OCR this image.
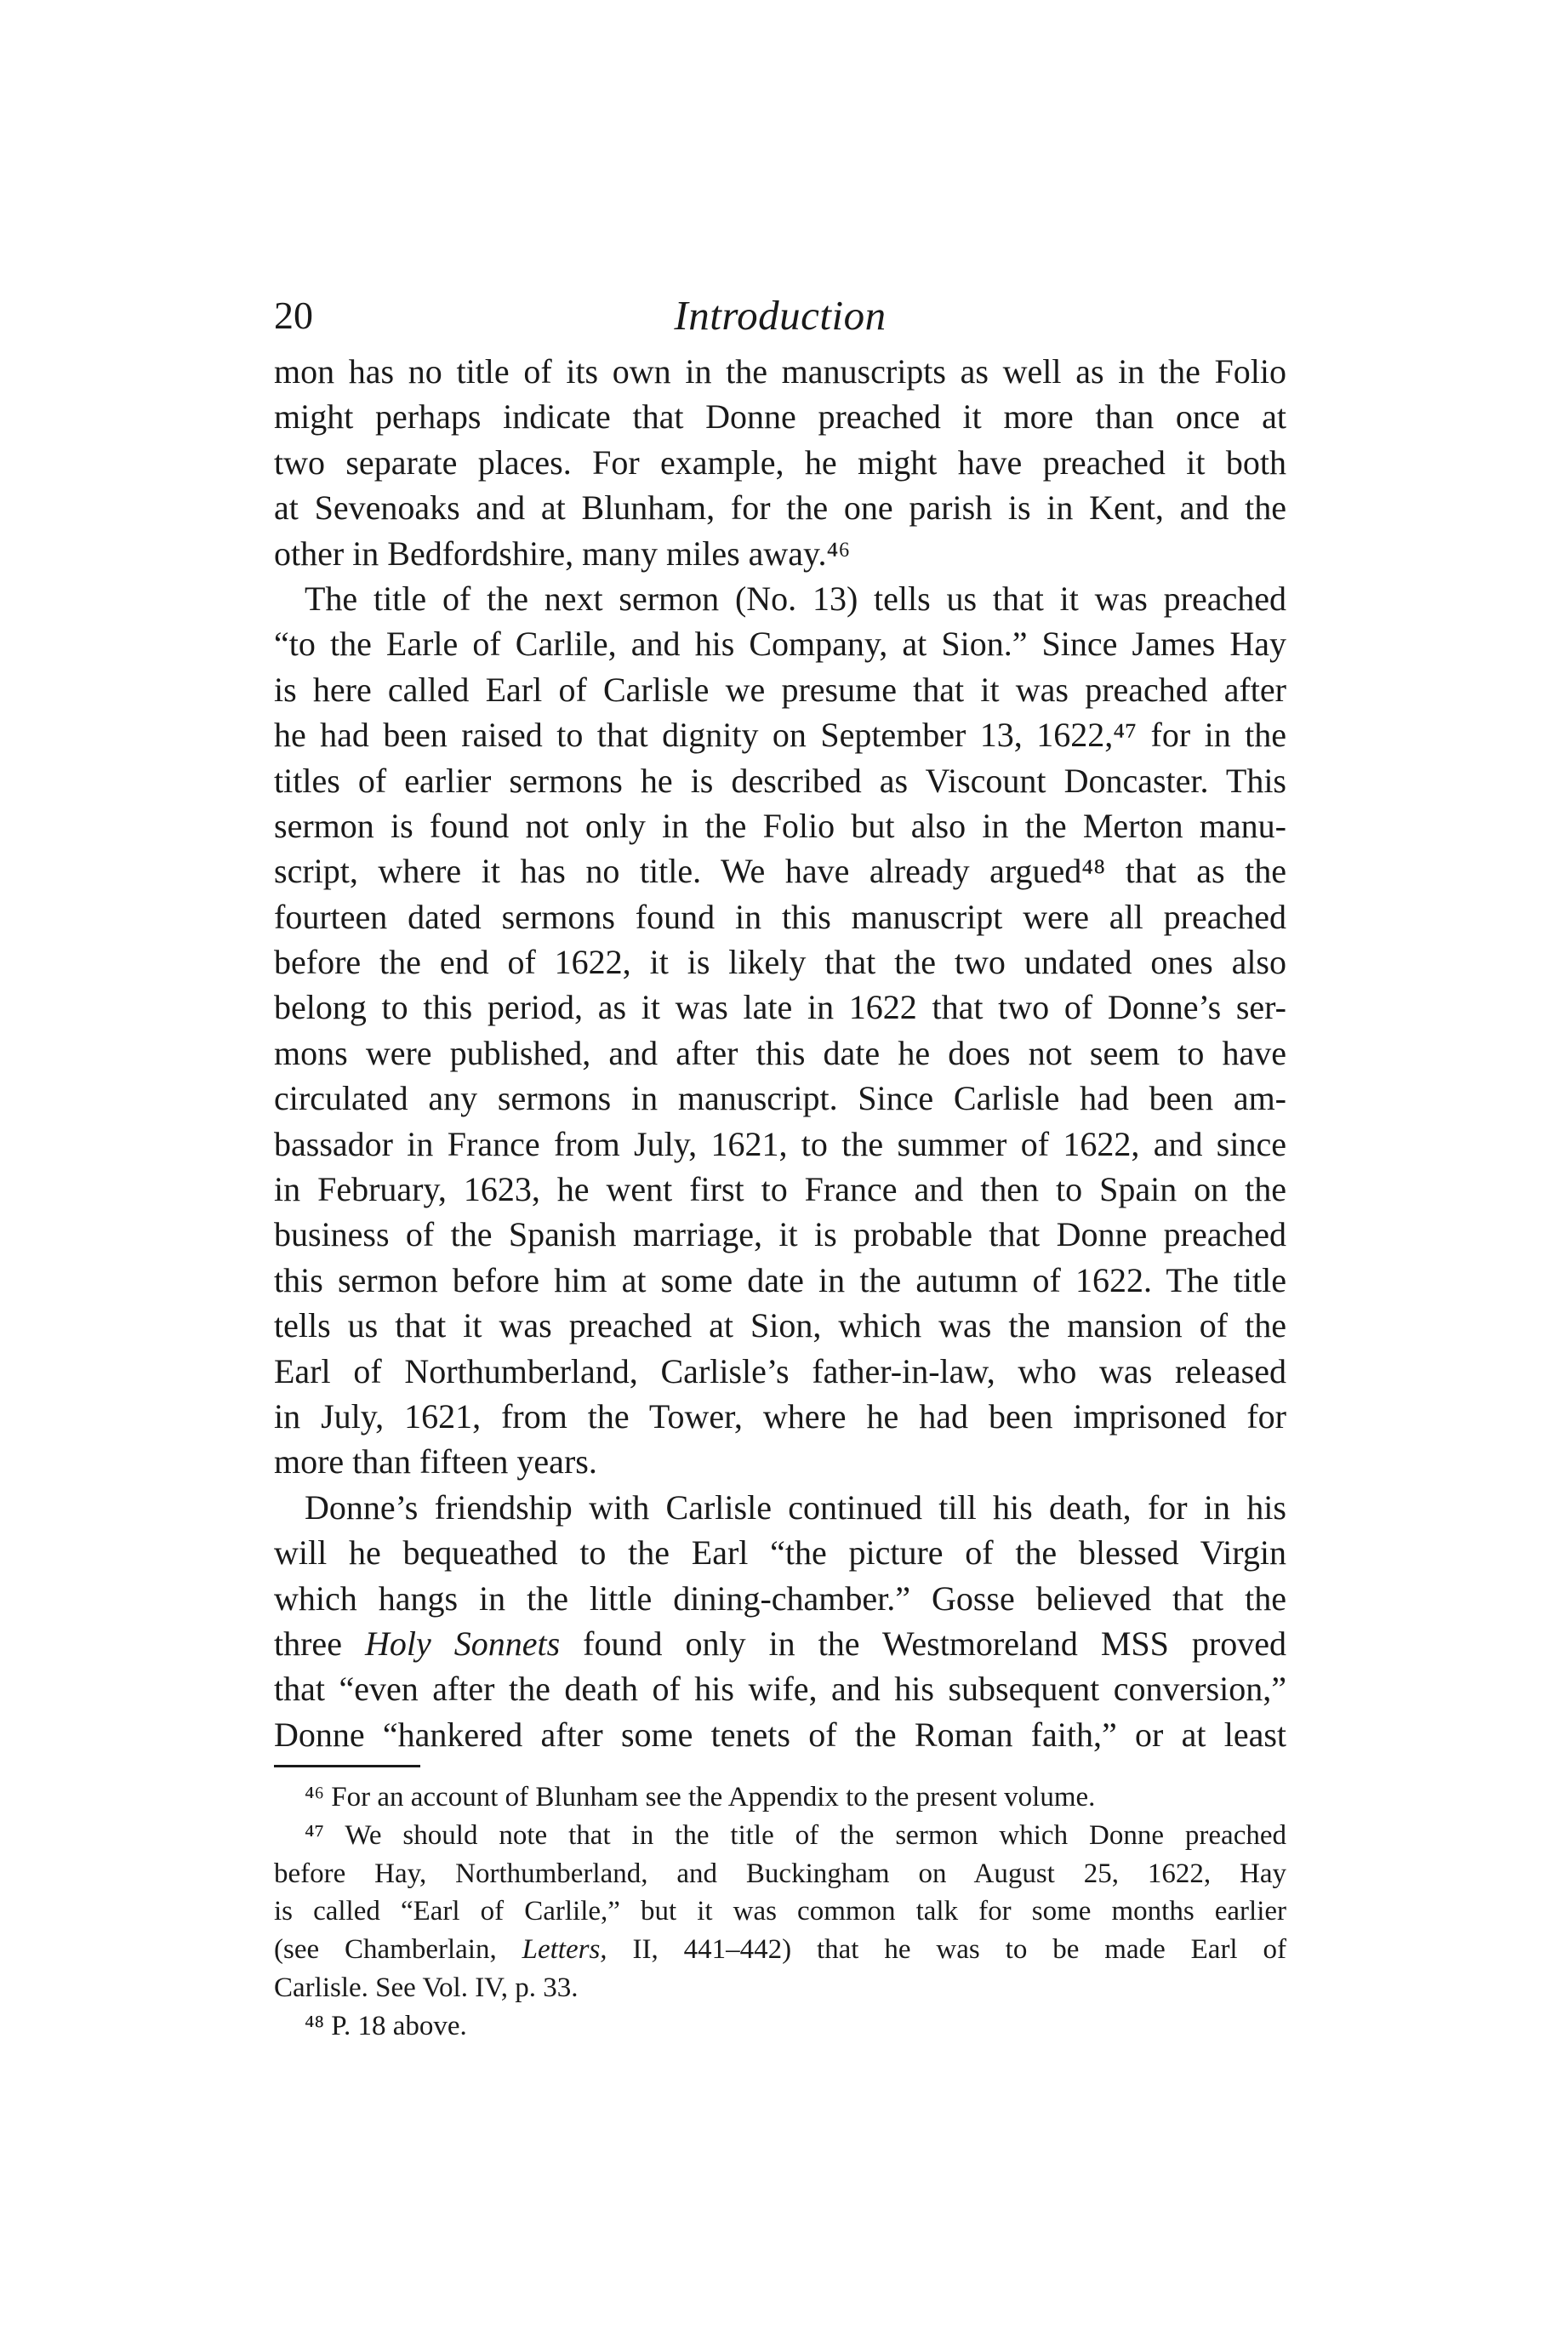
20	Introduction
mon has no title of its own in the manuscripts as well as in the Folio
might perhaps indicate that Donne preached it more than once at
two separate places. For example, he might have preached it both
at Sevenoaks and at Blunham, for the one parish is in Kent, and the
other in Bedfordshire, many miles away.⁴⁶
The title of the next sermon (No. 13) tells us that it was preached
“to the Earle of Carlile, and his Company, at Sion.” Since James Hay
is here called Earl of Carlisle we presume that it was preached after
he had been raised to that dignity on September 13, 1622,⁴⁷ for in the
titles of earlier sermons he is described as Viscount Doncaster. This
sermon is found not only in the Folio but also in the Merton manu-
script, where it has no title. We have already argued⁴⁸ that as the
fourteen dated sermons found in this manuscript were all preached
before the end of 1622, it is likely that the two undated ones also
belong to this period, as it was late in 1622 that two of Donne’s ser-
mons were published, and after this date he does not seem to have
circulated any sermons in manuscript. Since Carlisle had been am-
bassador in France from July, 1621, to the summer of 1622, and since
in February, 1623, he went first to France and then to Spain on the
business of the Spanish marriage, it is probable that Donne preached
this sermon before him at some date in the autumn of 1622. The title
tells us that it was preached at Sion, which was the mansion of the
Earl of Northumberland, Carlisle’s father-in-law, who was released
in July, 1621, from the Tower, where he had been imprisoned for
more than fifteen years.
Donne’s friendship with Carlisle continued till his death, for in his
will he bequeathed to the Earl “the picture of the blessed Virgin
which hangs in the little dining-chamber.” Gosse believed that the
three Holy Sonnets found only in the Westmoreland MSS proved
that “even after the death of his wife, and his subsequent conversion,”
Donne “hankered after some tenets of the Roman faith,” or at least
⁴⁶ For an account of Blunham see the Appendix to the present volume.
⁴⁷ We should note that in the title of the sermon which Donne preached
before Hay, Northumberland, and Buckingham on August 25, 1622, Hay
is called “Earl of Carlile,” but it was common talk for some months earlier
(see Chamberlain, Letters, II, 441–442) that he was to be made Earl of
Carlisle. See Vol. IV, p. 33.
⁴⁸ P. 18 above.
